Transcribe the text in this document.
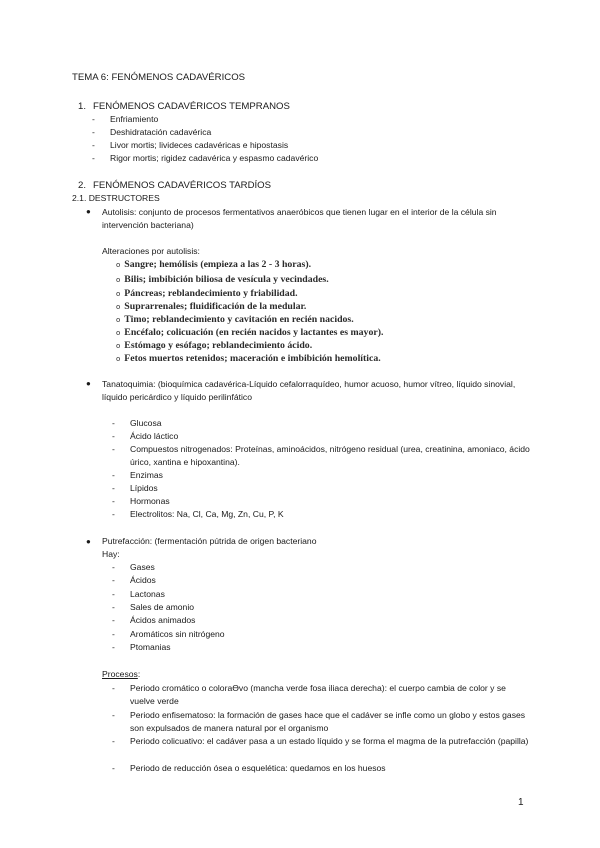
TEMA 6: FENÓMENOS CADAVÉRICOS
1. FENÓMENOS CADAVÉRICOS TEMPRANOS
- Enfriamiento
- Deshidratación cadavérica
- Livor mortis; livideces cadavéricas e hipostasis
- Rigor mortis; rigidez cadavérica y espasmo cadavérico
2. FENÓMENOS CADAVÉRICOS TARDÍOS
2.1. DESTRUCTORES
● Autolisis: conjunto de procesos fermentativos anaeróbicos que tienen lugar en el interior de la célula sin intervención bacteriana)
Alteraciones por autolisis:
o Sangre; hemólisis (empieza a las 2 - 3 horas).
o Bilis; imbibición biliosa de vesícula y vecindades.
o Páncreas; reblandecimiento y friabilidad.
o Suprarrenales; fluidificación de la medular.
o Timo; reblandecimiento y cavitación en recién nacidos.
o Encéfalo; colicuación (en recién nacidos y lactantes es mayor).
o Estómago y esófago; reblandecimiento ácido.
o Fetos muertos retenidos; maceración e imbibición hemolítica.
● Tanatoquimia: (bioquímica cadavérica-Líquido cefalorraquídeo, humor acuoso, humor vítreo, líquido sinovial, líquido pericárdico y líquido perilinfático
- Glucosa
- Ácido láctico
- Compuestos nitrogenados: Proteínas, aminoácidos, nitrógeno residual (urea, creatinina, amoniaco, ácido úrico, xantina e hipoxantina).
- Enzimas
- Lípidos
- Hormonas
- Electrolitos: Na, Cl, Ca, Mg, Zn, Cu, P, K
● Putrefacción: (fermentación pútrida de origen bacteriano
Hay:
- Gases
- Ácidos
- Lactonas
- Sales de amonio
- Ácidos animados
- Aromáticos sin nitrógeno
- Ptomanias
Procesos:
- Periodo cromático o coloraϴvo (mancha verde fosa iliaca derecha): el cuerpo cambia de color y se vuelve verde
- Periodo enfisematoso: la formación de gases hace que el cadáver se infle como un globo y estos gases son expulsados de manera natural por el organismo
- Periodo colicuativo: el cadáver pasa a un estado líquido y se forma el magma de la putrefacción (papilla)
- Periodo de reducción ósea o esquelética: quedamos en los huesos
1
